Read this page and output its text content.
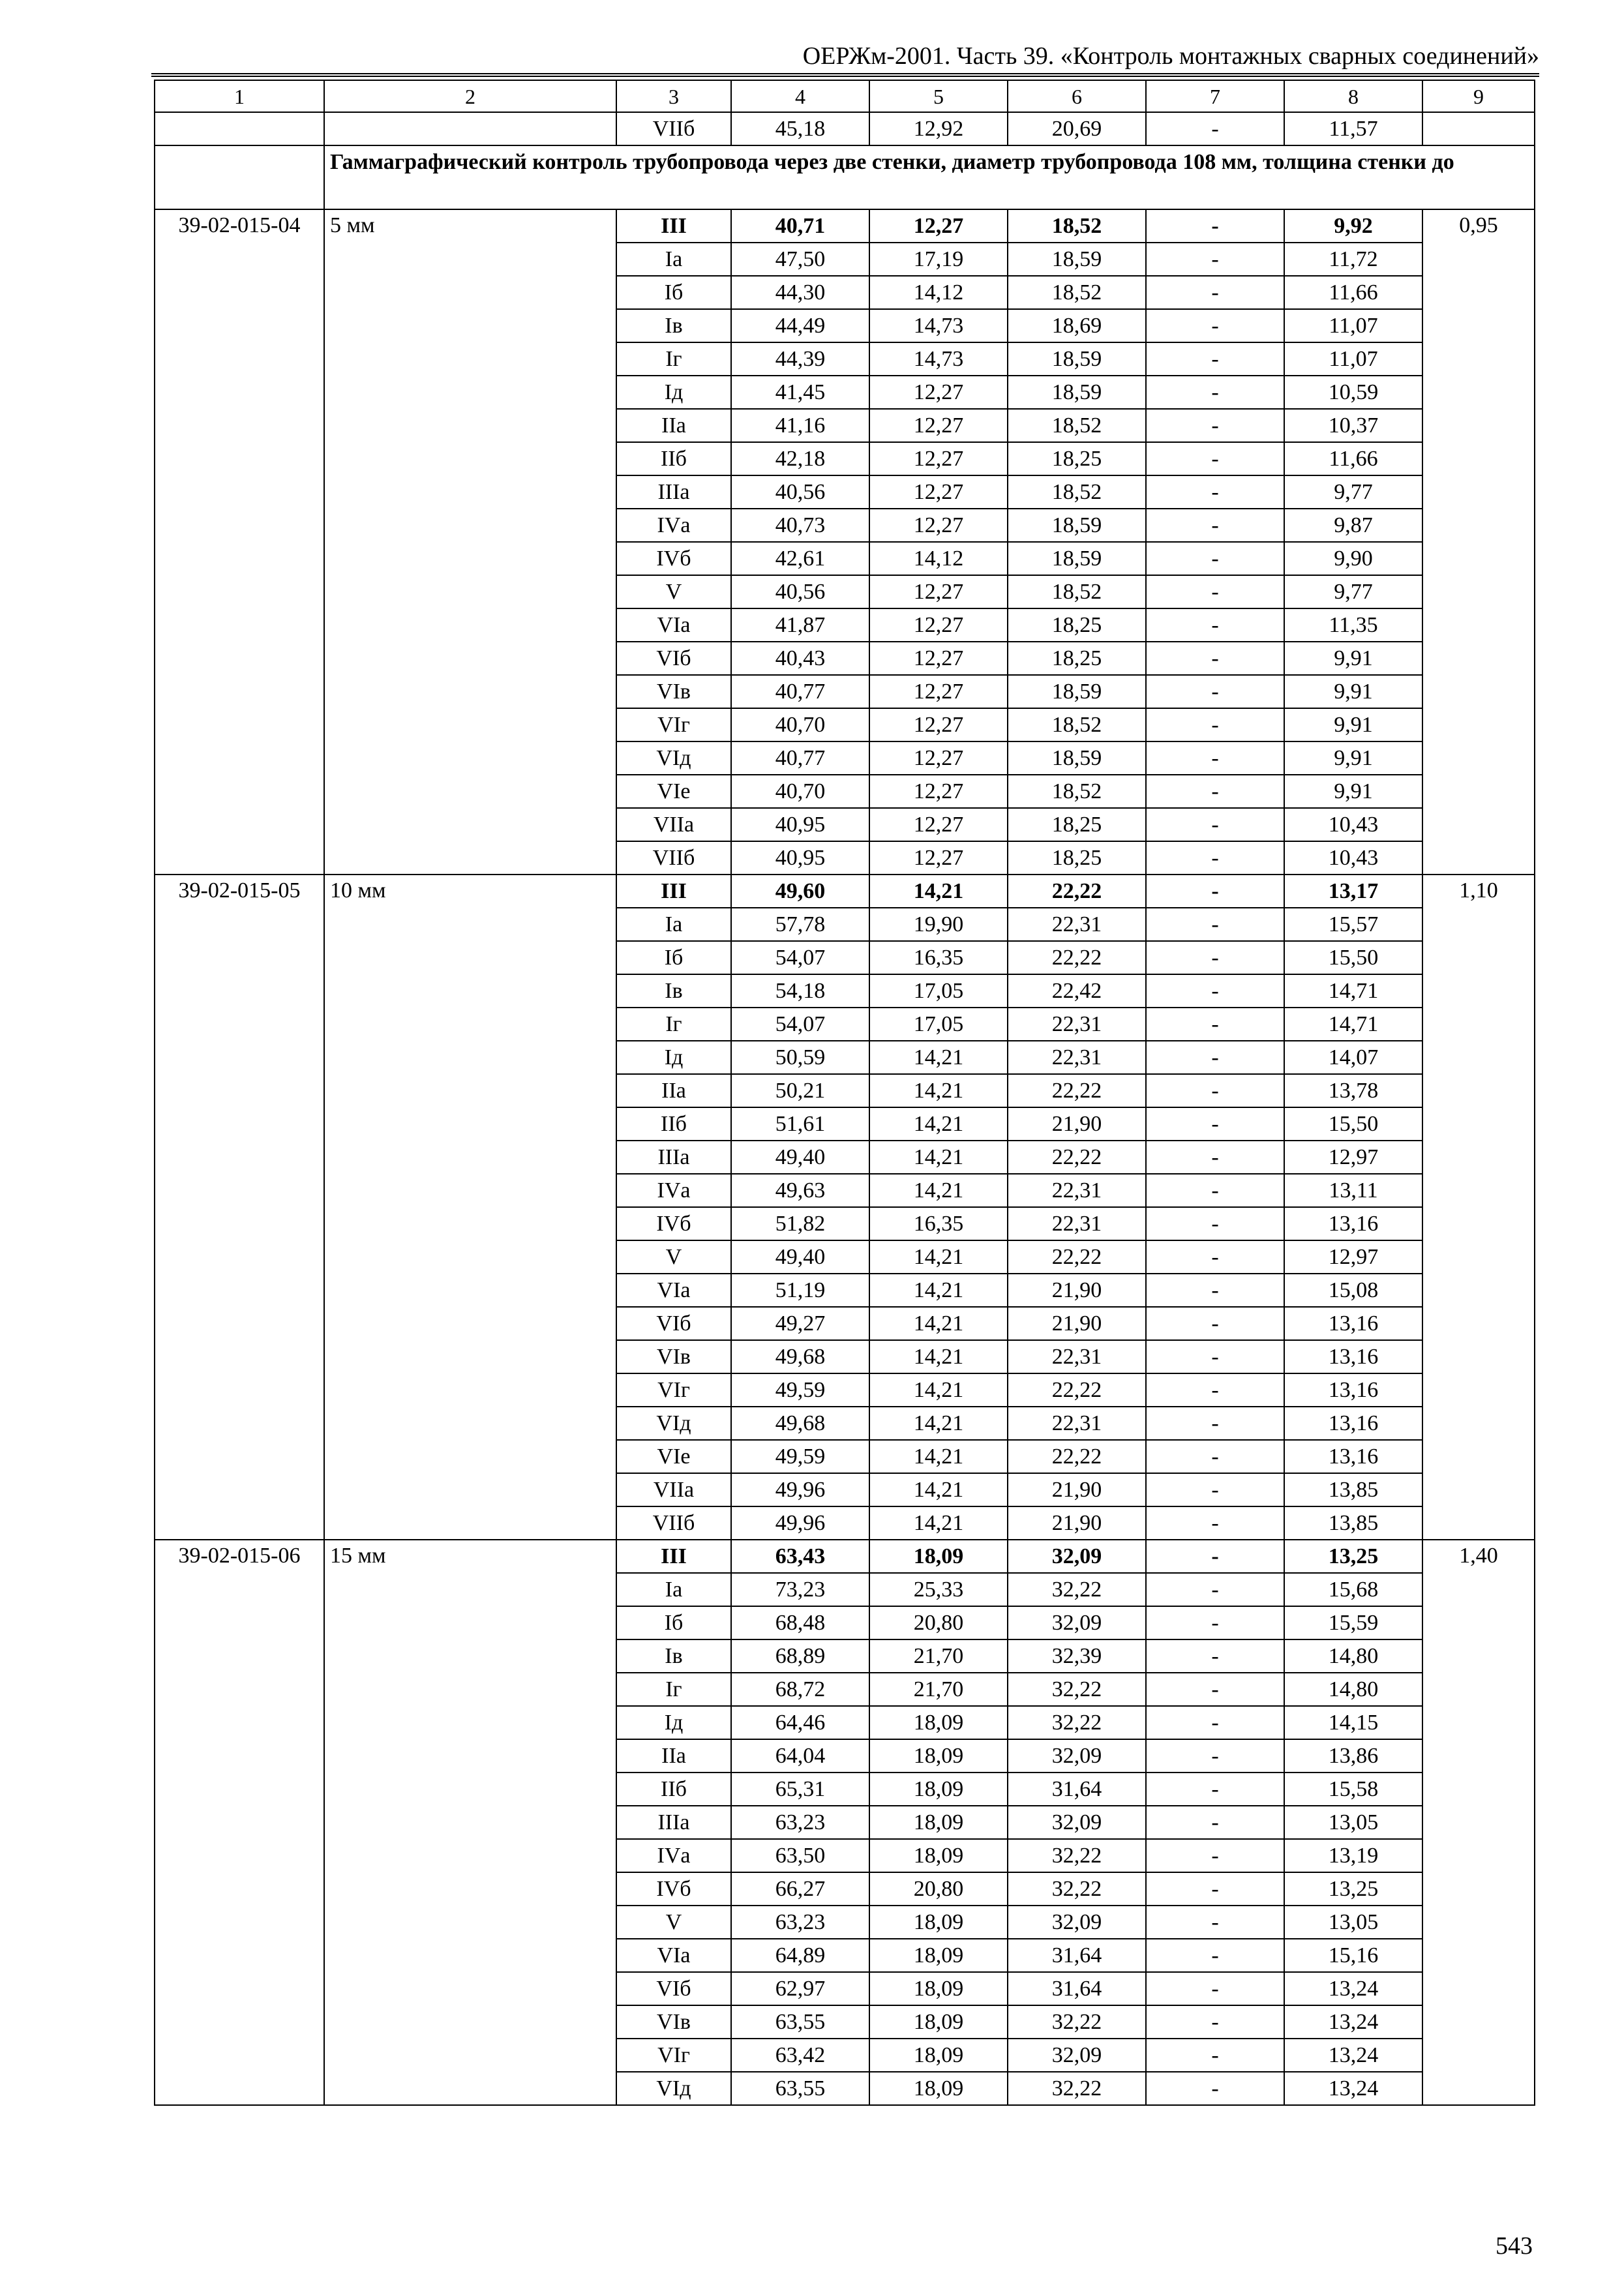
ОЕРЖм-2001. Часть 39. «Контроль монтажных сварных соединений»
1	2	3	4	5	6	7	8	9
		VIIб	45,18	12,92	20,69	-	11,57	
	Гаммаграфический контроль трубопровода через две стенки, диаметр трубопровода 108 мм, толщина стенки до							
39-02-015-04	5 мм	III	40,71	12,27	18,52	-	9,92	0,95
		Iа	47,50	17,19	18,59	-	11,72	
		Iб	44,30	14,12	18,52	-	11,66	
		Iв	44,49	14,73	18,69	-	11,07	
		Iг	44,39	14,73	18,59	-	11,07	
		Iд	41,45	12,27	18,59	-	10,59	
		IIа	41,16	12,27	18,52	-	10,37	
		IIб	42,18	12,27	18,25	-	11,66	
		IIIа	40,56	12,27	18,52	-	9,77	
		IVа	40,73	12,27	18,59	-	9,87	
		IVб	42,61	14,12	18,59	-	9,90	
		V	40,56	12,27	18,52	-	9,77	
		VIа	41,87	12,27	18,25	-	11,35	
		VIб	40,43	12,27	18,25	-	9,91	
		VIв	40,77	12,27	18,59	-	9,91	
		VIг	40,70	12,27	18,52	-	9,91	
		VIд	40,77	12,27	18,59	-	9,91	
		VIе	40,70	12,27	18,52	-	9,91	
		VIIа	40,95	12,27	18,25	-	10,43	
		VIIб	40,95	12,27	18,25	-	10,43	
39-02-015-05	10 мм	III	49,60	14,21	22,22	-	13,17	1,10
		Iа	57,78	19,90	22,31	-	15,57	
		Iб	54,07	16,35	22,22	-	15,50	
		Iв	54,18	17,05	22,42	-	14,71	
		Iг	54,07	17,05	22,31	-	14,71	
		Iд	50,59	14,21	22,31	-	14,07	
		IIа	50,21	14,21	22,22	-	13,78	
		IIб	51,61	14,21	21,90	-	15,50	
		IIIа	49,40	14,21	22,22	-	12,97	
		IVа	49,63	14,21	22,31	-	13,11	
		IVб	51,82	16,35	22,31	-	13,16	
		V	49,40	14,21	22,22	-	12,97	
		VIа	51,19	14,21	21,90	-	15,08	
		VIб	49,27	14,21	21,90	-	13,16	
		VIв	49,68	14,21	22,31	-	13,16	
		VIг	49,59	14,21	22,22	-	13,16	
		VIд	49,68	14,21	22,31	-	13,16	
		VIе	49,59	14,21	22,22	-	13,16	
		VIIа	49,96	14,21	21,90	-	13,85	
		VIIб	49,96	14,21	21,90	-	13,85	
39-02-015-06	15 мм	III	63,43	18,09	32,09	-	13,25	1,40
		Iа	73,23	25,33	32,22	-	15,68	
		Iб	68,48	20,80	32,09	-	15,59	
		Iв	68,89	21,70	32,39	-	14,80	
		Iг	68,72	21,70	32,22	-	14,80	
		Iд	64,46	18,09	32,22	-	14,15	
		IIа	64,04	18,09	32,09	-	13,86	
		IIб	65,31	18,09	31,64	-	15,58	
		IIIа	63,23	18,09	32,09	-	13,05	
		IVа	63,50	18,09	32,22	-	13,19	
		IVб	66,27	20,80	32,22	-	13,25	
		V	63,23	18,09	32,09	-	13,05	
		VIа	64,89	18,09	31,64	-	15,16	
		VIб	62,97	18,09	31,64	-	13,24	
		VIв	63,55	18,09	32,22	-	13,24	
		VIг	63,42	18,09	32,09	-	13,24	
		VIд	63,55	18,09	32,22	-	13,24	
543
